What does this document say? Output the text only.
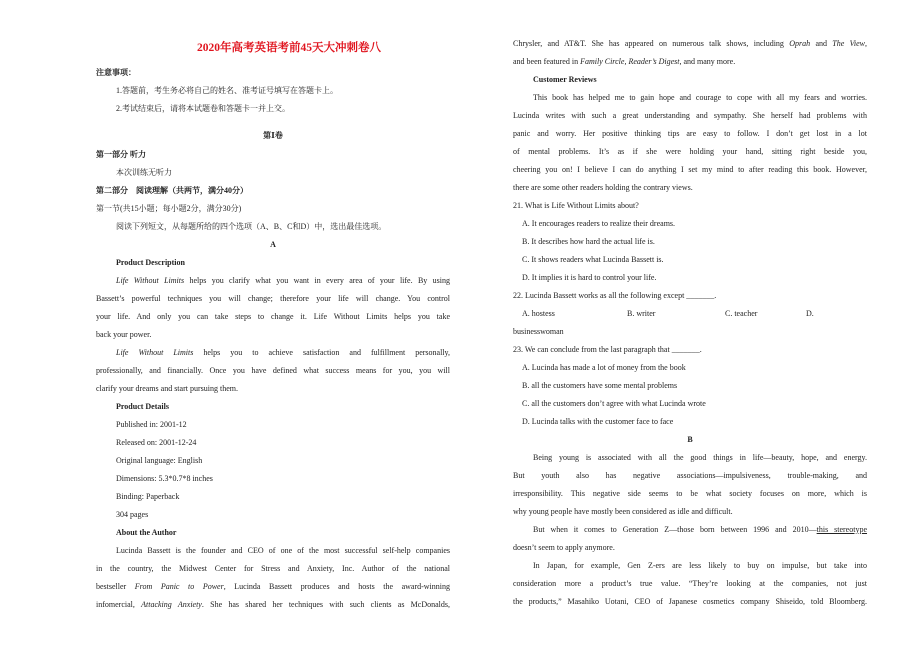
2020年高考英语考前45天大冲刺卷八
注意事项：
1.答题前，考生务必将自己的姓名、准考证号填写在答题卡上。
2.考试结束后，请将本试题卷和答题卡一并上交。
第Ⅰ卷
第一部分 听力
本次训练无听力
第二部分　阅读理解（共两节，满分40分）
第一节(共15小题；每小题2分，满分30分)
阅读下列短文，从每题所给的四个选项（A、B、C和D）中，选出最佳选项。
A
Product Description
Life Without Limits helps you clarify what you want in every area of your life. By using
Bassett’s powerful techniques you will change; therefore your life will change. You control
your life. And only you can take steps to change it. Life Without Limits helps you take
back your power.
Life Without Limits helps you to achieve satisfaction and fulfillment personally,
professionally, and financially. Once you have defined what success means for you, you will
clarify your dreams and start pursuing them.
Product Details
Published in: 2001-12
Released on: 2001-12-24
Original language: English
Dimensions: 5.3*0.7*8 inches
Binding: Paperback
304 pages
About the Author
Lucinda Bassett is the founder and CEO of one of the most successful self-help companies
in the country, the Midwest Center for Stress and Anxiety, Inc. Author of the national
bestseller From Panic to Power, Lucinda Bassett produces and hosts the award-winning
infomercial, Attacking Anxiety. She has shared her techniques with such clients as McDonalds,
Chrysler, and AT&T. She has appeared on numerous talk shows, including Oprah and The View,
and been featured in Family Circle, Reader’s Digest, and many more.
Customer Reviews
This book has helped me to gain hope and courage to cope with all my fears and worries.
Lucinda writes with such a great understanding and sympathy. She herself had problems with
panic and worry. Her positive thinking tips are easy to follow. I don’t get lost in a lot
of mental problems. It’s as if she were holding your hand, sitting right beside you,
cheering you on! I believe I can do anything I set my mind to after reading this book. However,
there are some other readers holding the contrary views.
21. What is Life Without Limits about?
A. It encourages readers to realize their dreams.
B. It describes how hard the actual life is.
C. It shows readers what Lucinda Bassett is.
D. It implies it is hard to control your life.
22. Lucinda Bassett works as all the following except _______.
A. hostess	B. writer	C. teacher	D.
businesswoman
23. We can conclude from the last paragraph that _______.
A. Lucinda has made a lot of money from the book
B. all the customers have some mental problems
C. all the customers don’t agree with what Lucinda wrote
D. Lucinda talks with the customer face to face
B
Being young is associated with all the good things in life—beauty, hope, and energy.
But youth also has negative associations—impulsiveness, trouble-making, and
irresponsibility. This negative side seems to be what society focuses on more, which is
why young people have mostly been considered as idle and difficult.
But when it comes to Generation Z—those born between 1996 and 2010—this stereotype
doesn’t seem to apply anymore.
In Japan, for example, Gen Z-ers are less likely to buy on impulse, but take into
consideration more a product’s true value. “They’re looking at the companies, not just
the products,” Masahiko Uotani, CEO of Japanese cosmetics company Shiseido, told Bloomberg.
